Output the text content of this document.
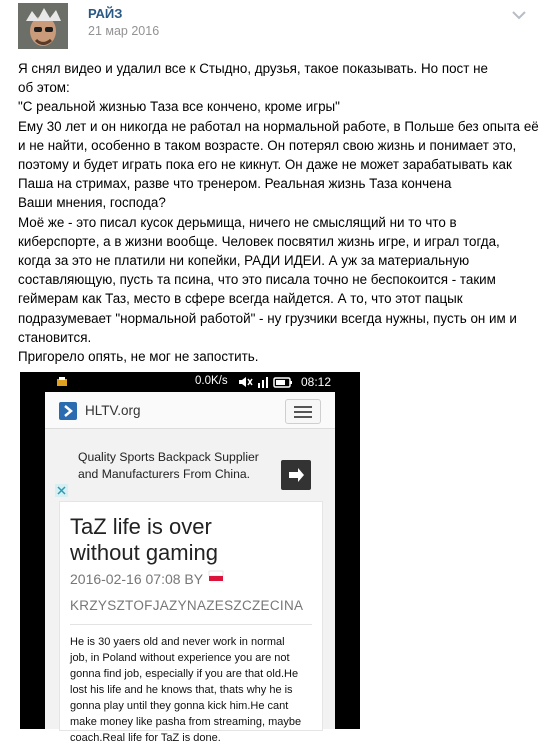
РАЙЗ
21 мар 2016
Я снял видео и удалил все к Стыдно, друзья, такое показывать. Но пост не
об этом:
"С реальной жизнью Таза все кончено, кроме игры"
Ему 30 лет и он никогда не работал на нормальной работе, в Польше без опыта её
и не найти, особенно в таком возрасте. Он потерял свою жизнь и понимает это,
поэтому и будет играть пока его не кикнут. Он даже не может зарабатывать как
Паша на стримах, разве что тренером. Реальная жизнь Таза кончена
Ваши мнения, господа?
Моё же - это писал кусок дерьмища, ничего не смыслящий ни то что в
киберспорте, а в жизни вообще. Человек посвятил жизнь игре, и играл тогда,
когда за это не платили ни копейки, РАДИ ИДЕИ. А уж за материальную
составляющую, пусть та псина, что это писала точно не беспокоится - таким
геймерам как Таз, место в сфере всегда найдется. А то, что этот пацык
подразумевает "нормальной работой" - ну грузчики всегда нужны, пусть он им и
становится.
Пригорело опять, не мог не запостить.
0.0K/s	08:12
HLTV.org
Quality Sports Backpack Supplier
and Manufacturers From China.
TaZ life is over
without gaming
2016-02-16 07:08 BY
KRZYSZTOFJAZYNAZESZCZECINA
He is 30 yaers old and never work in normal
job, in Poland without experience you are not
gonna find job, especially if you are that old.He
lost his life and he knows that, thats why he is
gonna play until they gonna kick him.He cant
make money like pasha from streaming, maybe
coach.Real life for TaZ is done.
